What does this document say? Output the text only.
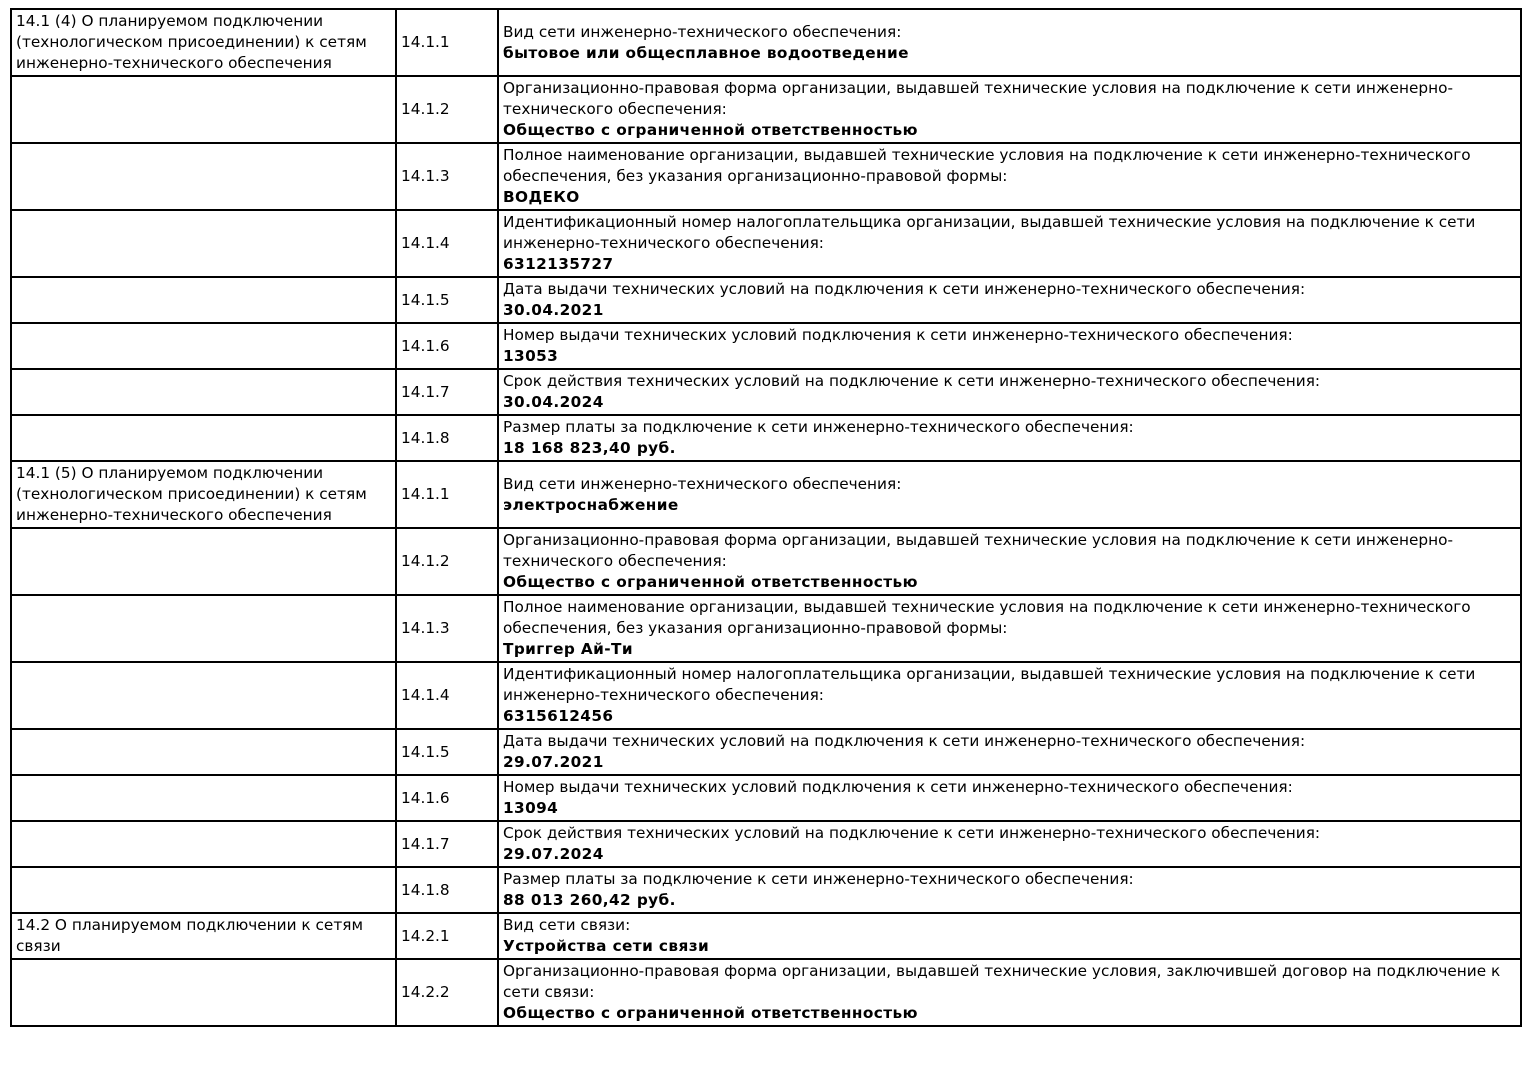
14.1 (4) О планируемом подключении (технологическом присоединении) к сетям инженерно-технического обеспечения	14.1.1	Вид сети инженерно-технического обеспечения:
бытовое или общесплавное водоотведение

	14.1.2	Организационно-правовая форма организации, выдавшей технические условия на подключение к сети инженерно-технического обеспечения:
Общество с ограниченной ответственностью

	14.1.3	Полное наименование организации, выдавшей технические условия на подключение к сети инженерно-технического обеспечения, без указания организационно-правовой формы:
ВОДЕКО

	14.1.4	Идентификационный номер налогоплательщика организации, выдавшей технические условия на подключение к сети инженерно-технического обеспечения:
6312135727

	14.1.5	Дата выдачи технических условий на подключения к сети инженерно-технического обеспечения:
30.04.2021

	14.1.6	Номер выдачи технических условий подключения к сети инженерно-технического обеспечения:
13053

	14.1.7	Срок действия технических условий на подключение к сети инженерно-технического обеспечения:
30.04.2024

	14.1.8	Размер платы за подключение к сети инженерно-технического обеспечения:
18 168 823,40 руб.

14.1 (5) О планируемом подключении (технологическом присоединении) к сетям инженерно-технического обеспечения	14.1.1	Вид сети инженерно-технического обеспечения:
электроснабжение

	14.1.2	Организационно-правовая форма организации, выдавшей технические условия на подключение к сети инженерно-технического обеспечения:
Общество с ограниченной ответственностью

	14.1.3	Полное наименование организации, выдавшей технические условия на подключение к сети инженерно-технического обеспечения, без указания организационно-правовой формы:
Триггер Ай-Ти

	14.1.4	Идентификационный номер налогоплательщика организации, выдавшей технические условия на подключение к сети инженерно-технического обеспечения:
6315612456

	14.1.5	Дата выдачи технических условий на подключения к сети инженерно-технического обеспечения:
29.07.2021

	14.1.6	Номер выдачи технических условий подключения к сети инженерно-технического обеспечения:
13094

	14.1.7	Срок действия технических условий на подключение к сети инженерно-технического обеспечения:
29.07.2024

	14.1.8	Размер платы за подключение к сети инженерно-технического обеспечения:
88 013 260,42 руб.

14.2 О планируемом подключении к сетям связи	14.2.1	Вид сети связи:
Устройства сети связи

	14.2.2	Организационно-правовая форма организации, выдавшей технические условия, заключившей договор на подключение к сети связи:
Общество с ограниченной ответственностью
